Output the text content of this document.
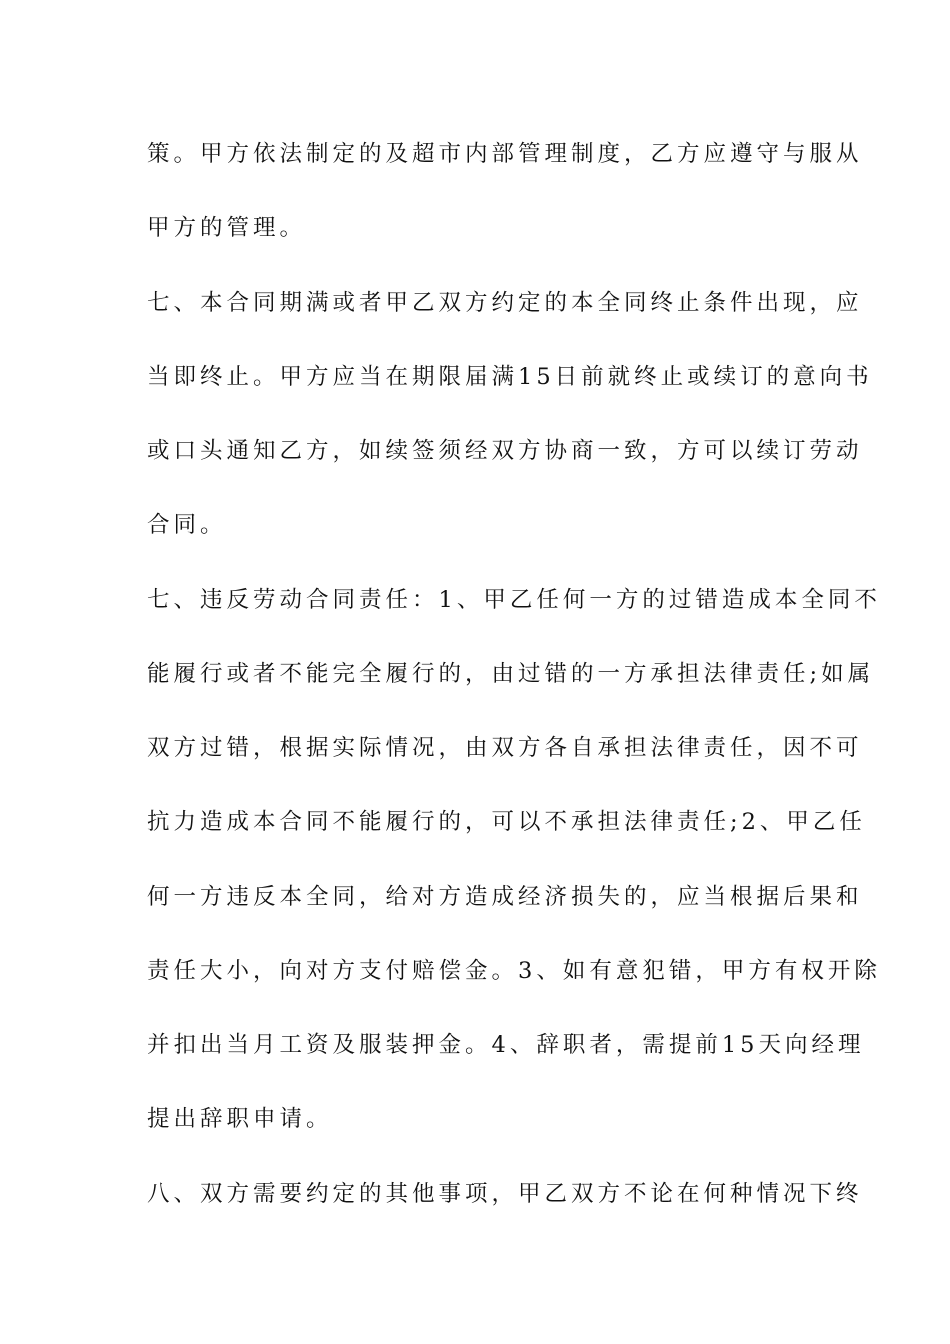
策。甲方依法制定的及超市内部管理制度，乙方应遵守与服从
甲方的管理。
七、本合同期满或者甲乙双方约定的本全同终止条件出现，应
当即终止。甲方应当在期限届满15日前就终止或续订的意向书
或口头通知乙方，如续签须经双方协商一致，方可以续订劳动
合同。
七、违反劳动合同责任：1、甲乙任何一方的过错造成本全同不
能履行或者不能完全履行的，由过错的一方承担法律责任;如属
双方过错，根据实际情况，由双方各自承担法律责任，因不可
抗力造成本合同不能履行的，可以不承担法律责任;2、甲乙任
何一方违反本全同，给对方造成经济损失的，应当根据后果和
责任大小，向对方支付赔偿金。3、如有意犯错，甲方有权开除
并扣出当月工资及服装押金。4、辞职者，需提前15天向经理
提出辞职申请。
八、双方需要约定的其他事项，甲乙双方不论在何种情况下终
